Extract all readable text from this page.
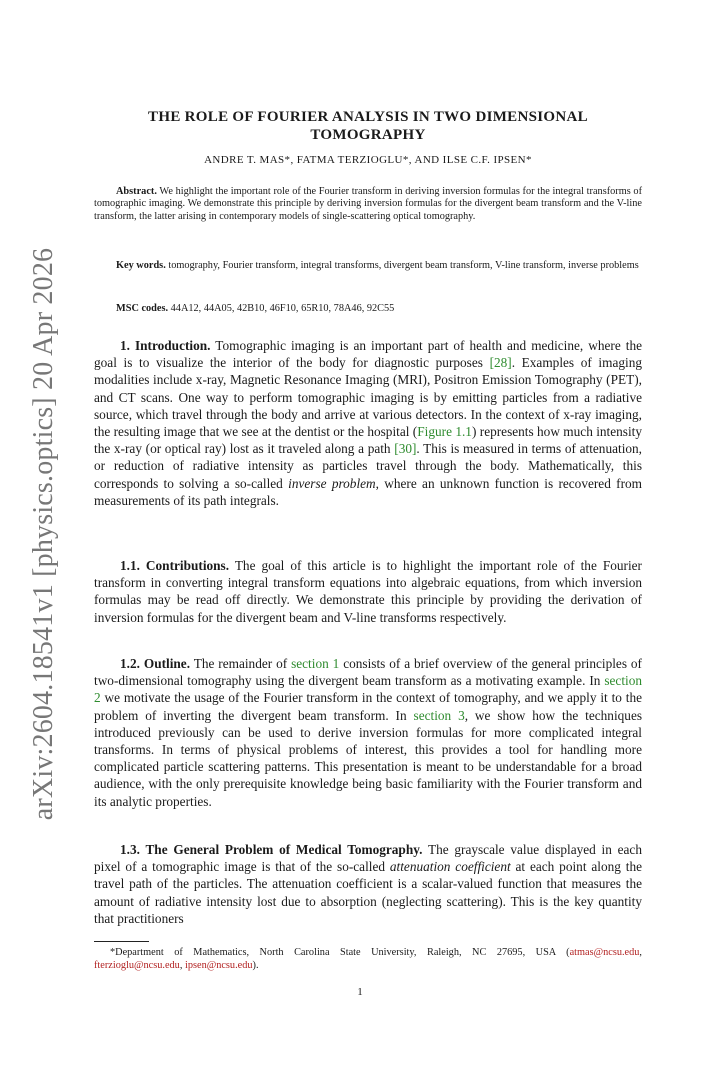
arXiv:2604.18541v1 [physics.optics] 20 Apr 2026
THE ROLE OF FOURIER ANALYSIS IN TWO DIMENSIONAL TOMOGRAPHY
ANDRE T. MAS*, FATMA TERZIOGLU*, AND ILSE C.F. IPSEN*

Abstract. We highlight the important role of the Fourier transform in deriving inversion formulas for the integral transforms of tomographic imaging. We demonstrate this principle by deriving inversion formulas for the divergent beam transform and the V-line transform, the latter arising in contemporary models of single-scattering optical tomography.

Key words. tomography, Fourier transform, integral transforms, divergent beam transform, V-line transform, inverse problems

MSC codes. 44A12, 44A05, 42B10, 46F10, 65R10, 78A46, 92C55

1. Introduction. Tomographic imaging is an important part of health and medicine, where the goal is to visualize the interior of the body for diagnostic purposes [28]. Examples of imaging modalities include x-ray, Magnetic Resonance Imaging (MRI), Positron Emission Tomography (PET), and CT scans. One way to perform tomographic imaging is by emitting particles from a radiative source, which travel through the body and arrive at various detectors. In the context of x-ray imaging, the resulting image that we see at the dentist or the hospital (Figure 1.1) represents how much intensity the x-ray (or optical ray) lost as it traveled along a path [30]. This is measured in terms of attenuation, or reduction of radiative intensity as particles travel through the body. Mathematically, this corresponds to solving a so-called inverse problem, where an unknown function is recovered from measurements of its path integrals.

1.1. Contributions. The goal of this article is to highlight the important role of the Fourier transform in converting integral transform equations into algebraic equations, from which inversion formulas may be read off directly. We demonstrate this principle by providing the derivation of inversion formulas for the divergent beam and V-line transforms respectively.

1.2. Outline. The remainder of section 1 consists of a brief overview of the general principles of two-dimensional tomography using the divergent beam transform as a motivating example. In section 2 we motivate the usage of the Fourier transform in the context of tomography, and we apply it to the problem of inverting the divergent beam transform. In section 3, we show how the techniques introduced previously can be used to derive inversion formulas for more complicated integral transforms. In terms of physical problems of interest, this provides a tool for handling more complicated particle scattering patterns. This presentation is meant to be understandable for a broad audience, with the only prerequisite knowledge being basic familiarity with the Fourier transform and its analytic properties.

1.3. The General Problem of Medical Tomography. The grayscale value displayed in each pixel of a tomographic image is that of the so-called attenuation coefficient at each point along the travel path of the particles. The attenuation coefficient is a scalar-valued function that measures the amount of radiative intensity lost due to absorption (neglecting scattering). This is the key quantity that practitioners

*Department of Mathematics, North Carolina State University, Raleigh, NC 27695, USA (atmas@ncsu.edu, fterzioglu@ncsu.edu, ipsen@ncsu.edu).
1
